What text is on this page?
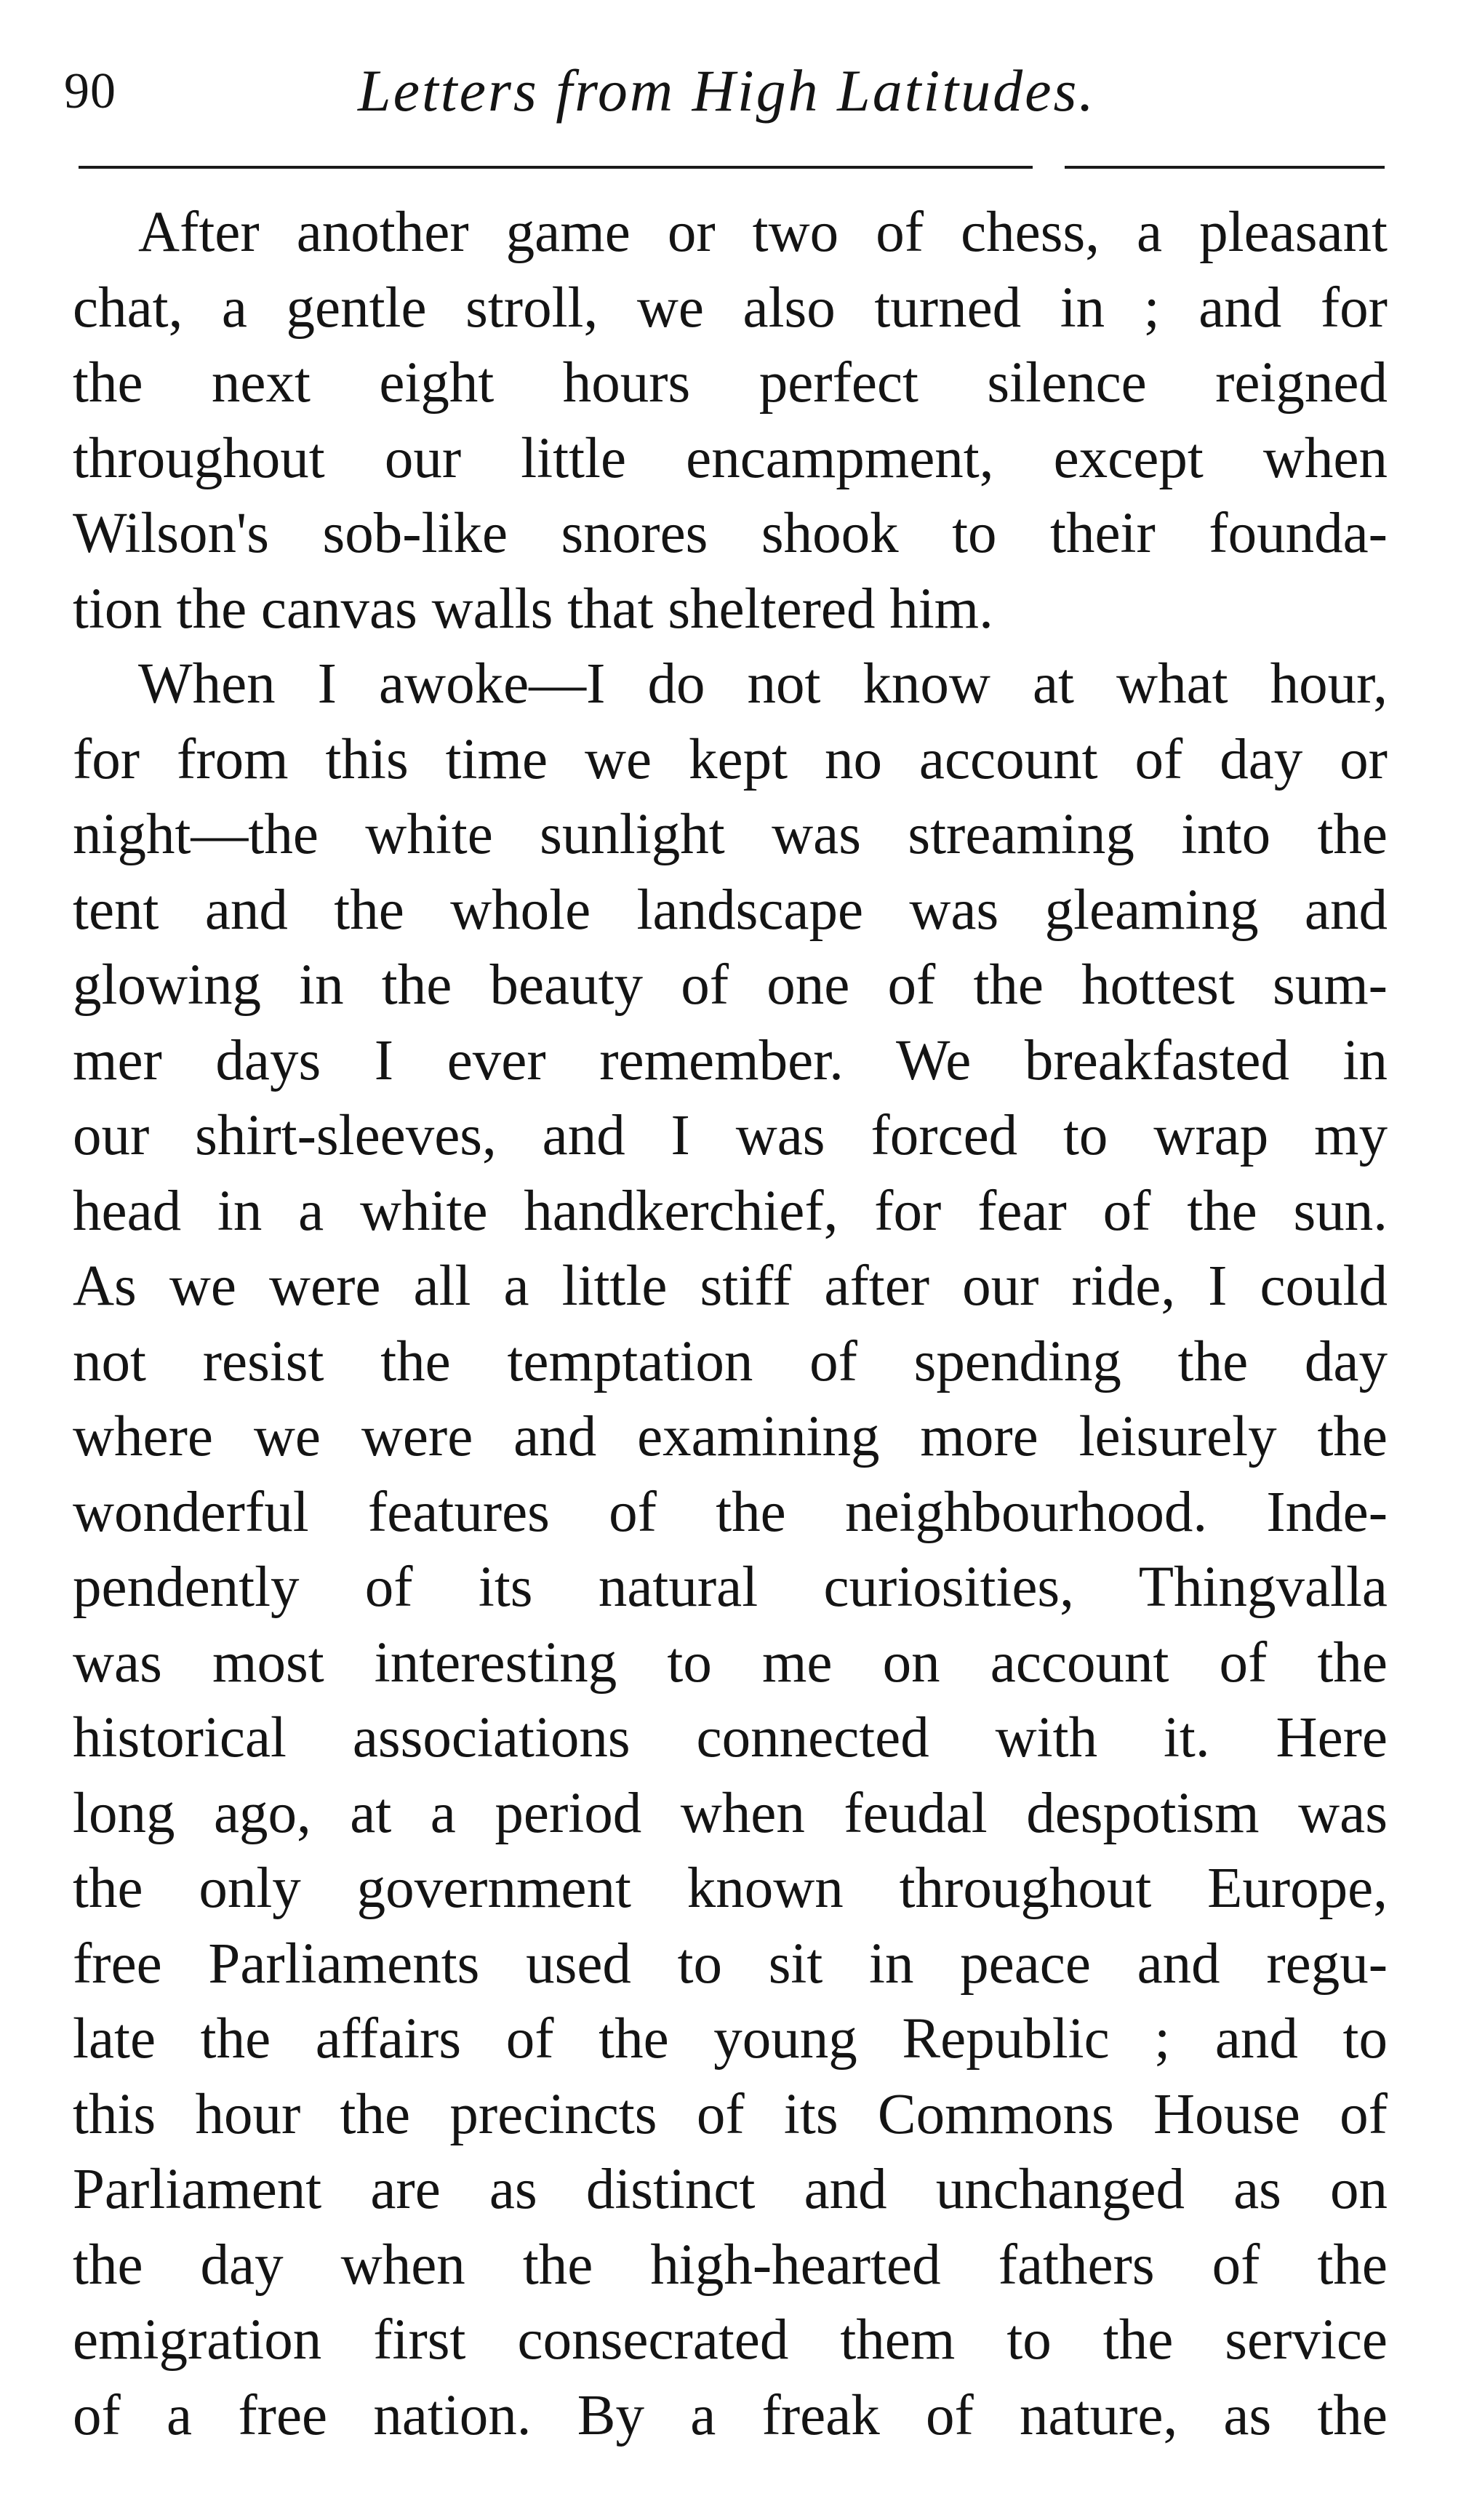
90	Letters from High Latitudes.
After another game or two of chess, a pleasant
chat, a gentle stroll, we also turned in ; and for
the next eight hours perfect silence reigned
throughout our little encampment, except when
Wilson's sob-like snores shook to their founda-
tion the canvas walls that sheltered him.
When I awoke—I do not know at what hour,
for from this time we kept no account of day or
night—the white sunlight was streaming into the
tent and the whole landscape was gleaming and
glowing in the beauty of one of the hottest sum-
mer days I ever remember. We breakfasted in
our shirt-sleeves, and I was forced to wrap my
head in a white handkerchief, for fear of the sun.
As we were all a little stiff after our ride, I could
not resist the temptation of spending the day
where we were and examining more leisurely the
wonderful features of the neighbourhood. Inde-
pendently of its natural curiosities, Thingvalla
was most interesting to me on account of the
historical associations connected with it. Here
long ago, at a period when feudal despotism was
the only government known throughout Europe,
free Parliaments used to sit in peace and regu-
late the affairs of the young Republic ; and to
this hour the precincts of its Commons House of
Parliament are as distinct and unchanged as on
the day when the high-hearted fathers of the
emigration first consecrated them to the service
of a free nation. By a freak of nature, as the
